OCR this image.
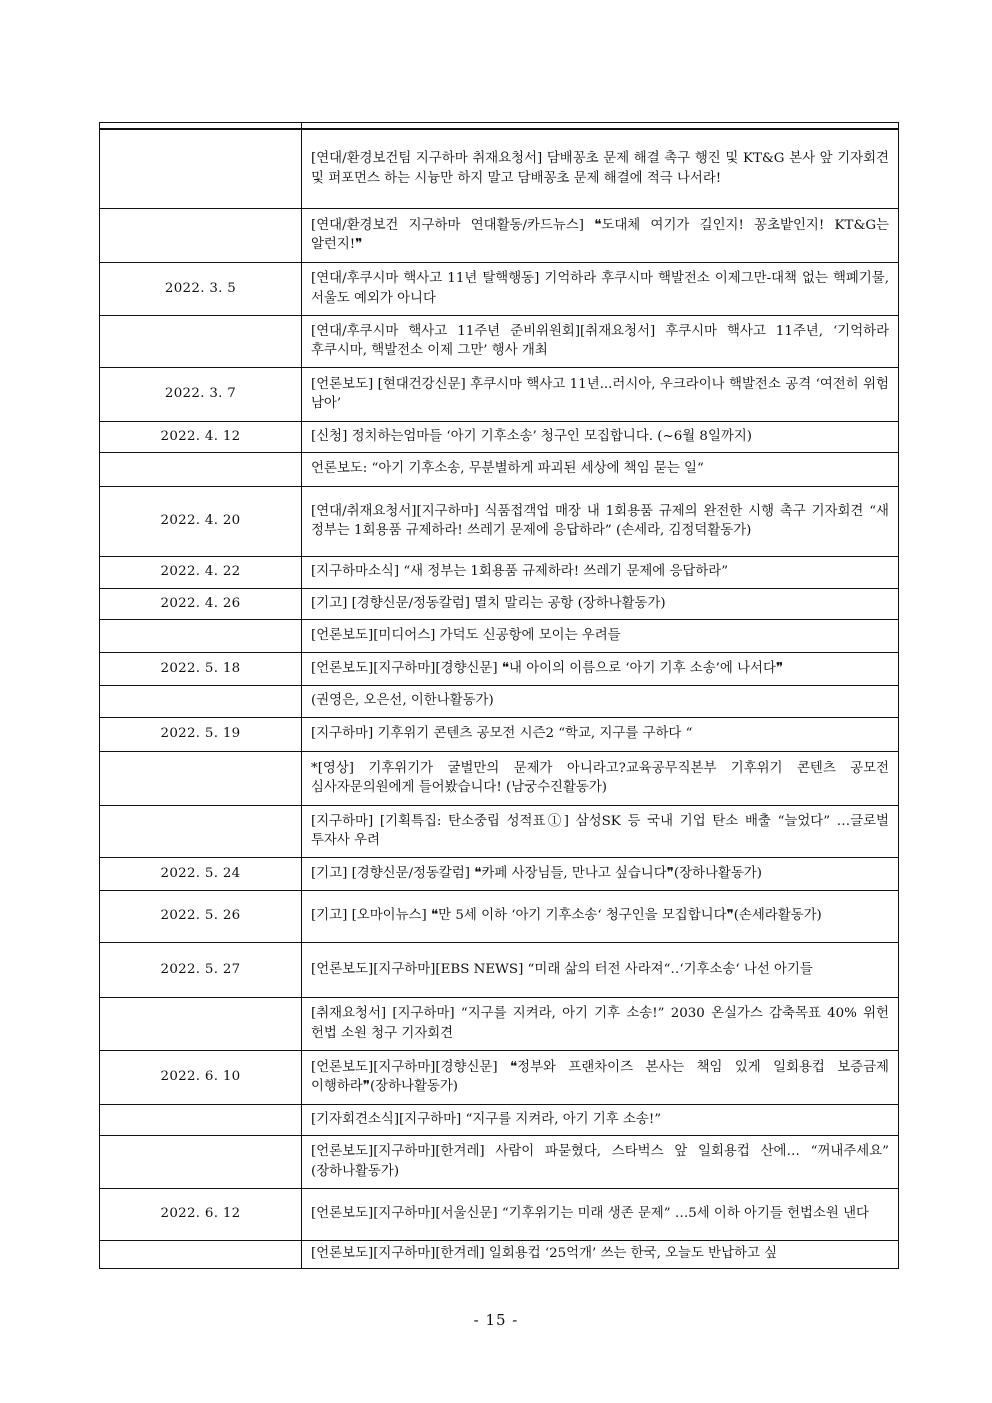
	[연대/환경보건팀 지구하마 취재요청서] 담배꽁초 문제 해결 촉구 행진 및 KT&G 본사 앞 기자회견 및 퍼포먼스 하는 시늉만 하지 말고 담배꽁초 문제 해결에 적극 나서라!
	[연대/환경보건 지구하마 연대활동/카드뉴스] ❝도대체 여기가 길인지! 꽁초밭인지! KT&G는 알런지!❞
2022. 3. 5	[연대/후쿠시마 핵사고 11년 탈핵행동] 기억하라 후쿠시마 핵발전소 이제그만-대책 없는 핵폐기물, 서울도 예외가 아니다
	[연대/후쿠시마 핵사고 11주년 준비위원회][취재요청서] 후쿠시마 핵사고 11주년, ‘기억하라 후쿠시마, 핵발전소 이제 그만’ 행사 개최
2022. 3. 7	[언론보도] [현대건강신문] 후쿠시마 핵사고 11년...러시아, 우크라이나 핵발전소 공격 ‘여전히 위험 남아’
2022. 4. 12	[신청] 정치하는엄마들 ‘아기 기후소송’ 청구인 모집합니다. (~6월 8일까지)
	언론보도: “아기 기후소송, 무분별하게 파괴된 세상에 책임 묻는 일“
2022. 4. 20	[연대/취재요청서][지구하마] 식품접객업 매장 내 1회용품 규제의 완전한 시행 촉구 기자회견 “새 정부는 1회용품 규제하라! 쓰레기 문제에 응답하라” (손세라, 김정덕활동가)
2022. 4. 22	[지구하마소식] “새 정부는 1회용품 규제하라! 쓰레기 문제에 응답하라”
2022. 4. 26	[기고] [경향신문/정동칼럼] 멸치 말리는 공항 (장하나활동가)
	[언론보도][미디어스] 가덕도 신공항에 모이는 우려들
2022. 5. 18	[언론보도][지구하마][경향신문] ❝내 아이의 이름으로 ‘아기 기후 소송’에 나서다❞
	(권영은, 오은선, 이한나활동가)
2022. 5. 19	[지구하마] 기후위기 콘텐츠 공모전 시즌2 “학교, 지구를 구하다 “
	*[영상] 기후위기가 굴벌만의 문제가 아니라고?교육공무직본부 기후위기 콘텐츠 공모전 심사자문의원에게 들어봤습니다! (남궁수진활동가)
	[지구하마] [기획특집: 탄소중립 성적표①] 삼성SK 등 국내 기업 탄소 배출 “늘었다” …글로벌 투자사 우려
2022. 5. 24	[기고] [경향신문/정동칼럼] ❝카페 사장님들, 만나고 싶습니다❞(장하나활동가)
2022. 5. 26	[기고] [오마이뉴스] ❝만 5세 이하 ‘아기 기후소송‘ 청구인을 모집합니다❞(손세라활동가)
2022. 5. 27	[언론보도][지구하마][EBS NEWS] “미래 삶의 터전 사라져“‥‘기후소송‘ 나선 아기들
	[취재요청서] [지구하마] “지구를 지켜라, 아기 기후 소송!” 2030 온실가스 감축목표 40% 위헌 헌법 소원 청구 기자회견
2022. 6. 10	[언론보도][지구하마][경향신문] ❝정부와 프랜차이즈 본사는 책임 있게 일회용컵 보증금제 이행하라❞(장하나활동가)
	[기자회견소식][지구하마] “지구를 지켜라, 아기 기후 소송!”
	[언론보도][지구하마][한겨레] 사람이 파묻혔다, 스타벅스 앞 일회용컵 산에… “꺼내주세요” (장하나활동가)
2022. 6. 12	[언론보도][지구하마][서울신문] “기후위기는 미래 생존 문제” …5세 이하 아기들 헌법소원 낸다
	[언론보도][지구하마][한겨레] 일회용컵 ‘25억개’ 쓰는 한국, 오늘도 반납하고 싶
- 15 -
